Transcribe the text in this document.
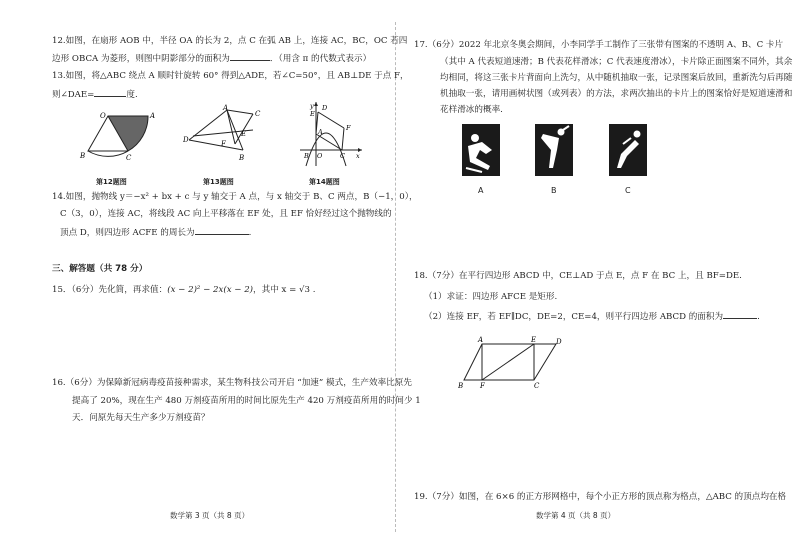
12.如图，在扇形 AOB 中，半径 OA 的长为 2，点 C 在弧 AB 上，连接 AC，BC，OC 若四
边形 OBCA 为菱形，则图中阴影部分的面积为	．（用含 π 的代数式表示）
13.如图，将△ABC 绕点 A 顺时针旋转 60° 得到△ADE，若∠C=50°，且 AB⊥DE 于点 F，
则∠DAE=	度.
O	A
B	C
A
C
D	F
E
B
y
x
E
D
A	F
B O	C
第12题图	第13题图	第14题图
14.如图，抛物线 y＝−x² + bx + c 与 y 轴交于 A 点，与 x 轴交于 B、C 两点，B（−1，0），
C（3，0），连接 AC，将线段 AC 向上平移落在 EF 处，且 EF 恰好经过这个抛物线的
顶点 D，则四边形 ACFE 的周长为	.
三、解答题（共 78 分）
15．（6分）先化简，再求值：(x − 2)² − 2x(x − 2)，其中 x = √3 .
16.（6分）为保障新冠病毒疫苗接种需求，某生物科技公司开启 “加速” 模式，生产效率比原先
提高了 20%，现在生产 480 万剂疫苗所用的时间比原先生产 420 万剂疫苗所用的时间少 1
天．问原先每天生产多少万剂疫苗？
数学第 3 页（共 8 页）
17.（6分）2022 年北京冬奥会期间，小李同学手工制作了三张带有图案的不透明 A、B、C 卡片
（其中 A 代表短道速滑；B 代表花样滑冰；C 代表速度滑冰），卡片除正面图案不同外，其余
均相同，将这三张卡片背面向上洗匀，从中随机抽取一张，记录图案后放回，重新洗匀后再随
机抽取一张，请用画树状图（或列表）的方法，求两次抽出的卡片上的图案恰好是短道速滑和
花样滑冰的概率.
A	B	C
18.（7分）在平行四边形 ABCD 中，CE⊥AD 于点 E，点 F 在 BC 上，且 BF=DE.
（1）求证：四边形 AFCE 是矩形.
（2）连接 EF，若 EF∥DC，DE=2，CE=4，则平行四边形 ABCD 的面积为	.
A	E	D
B F	C
19.（7分）如图，在 6×6 的正方形网格中，每个小正方形的顶点称为格点，△ABC 的顶点均在格
数学第 4 页（共 8 页）
